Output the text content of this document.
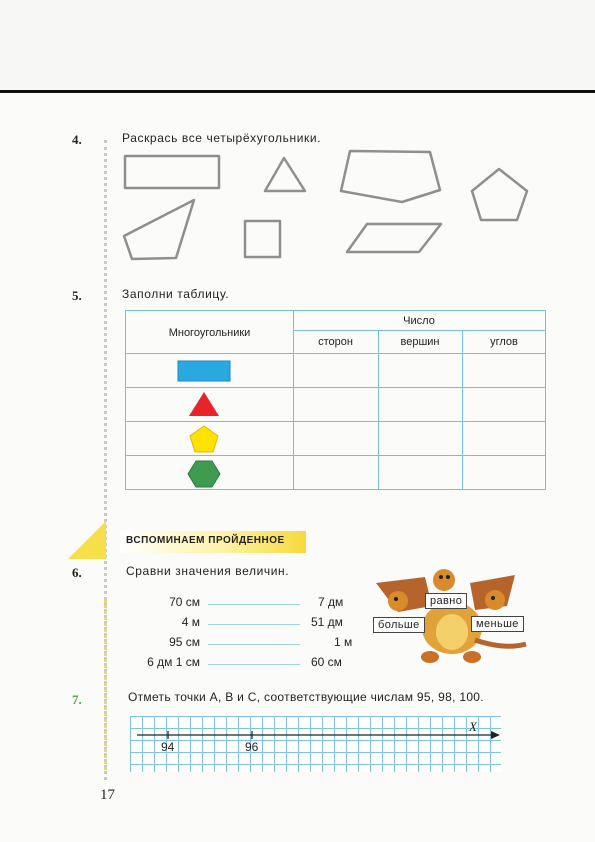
4.	Раскрась все четырёхугольники.
5.	Заполни таблицу.
Многоугольники
Число
сторон	вершин	углов
ВСПОМИНАЕМ ПРОЙДЕННОЕ
6.	Сравни значения величин.
70 см	7 дм
4 м	51 дм
95 см	1 м
6 дм 1 см	60 см
равно
больше	меньше
7.	Отметь точки A, B и C, соответствующие числам 95, 98, 100.
X
94	96
17
